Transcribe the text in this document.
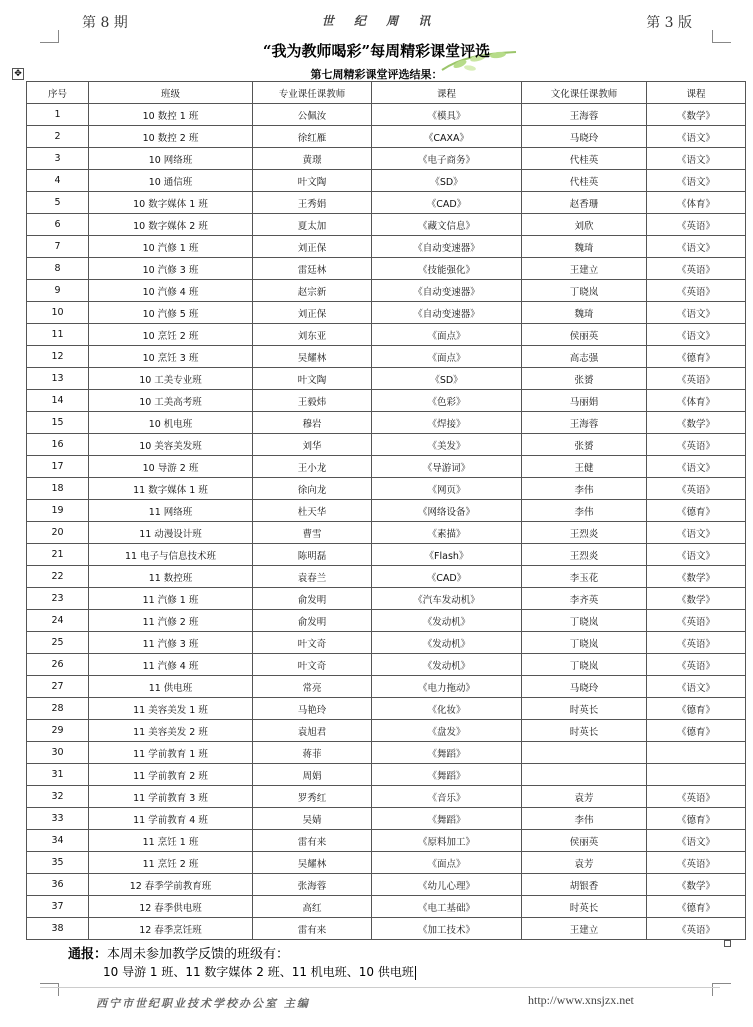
第 8 期	世 纪 周 讯	第 3 版
“我为教师喝彩”每周精彩课堂评选
第七周精彩课堂评选结果：
✥
序号	班级	专业课任课教师	课程	文化课任课教师	课程
1	10 数控 1 班	公佩汝	《模具》	王海蓉	《数学》
2	10 数控 2 班	徐红雁	《CAXA》	马晓玲	《语文》
3	10 网络班	黄璟	《电子商务》	代桂英	《语文》
4	10 通信班	叶文陶	《SD》	代桂英	《语文》
5	10 数字媒体 1 班	王秀娟	《CAD》	赵香珊	《体育》
6	10 数字媒体 2 班	夏太加	《藏文信息》	刘欣	《英语》
7	10 汽修 1 班	刘正保	《自动变速器》	魏琦	《语文》
8	10 汽修 3 班	雷廷林	《技能强化》	王建立	《英语》
9	10 汽修 4 班	赵宗新	《自动变速器》	丁晓岚	《英语》
10	10 汽修 5 班	刘正保	《自动变速器》	魏琦	《语文》
11	10 烹饪 2 班	刘东亚	《面点》	侯丽英	《语文》
12	10 烹饪 3 班	吴耀林	《面点》	高志强	《德育》
13	10 工美专业班	叶文陶	《SD》	张赟	《英语》
14	10 工美高考班	王毅炜	《色彩》	马丽娟	《体育》
15	10 机电班	穆岩	《焊接》	王海蓉	《数学》
16	10 美容美发班	刘华	《美发》	张赟	《英语》
17	10 导游 2 班	王小龙	《导游词》	王健	《语文》
18	11 数字媒体 1 班	徐向龙	《网页》	李伟	《英语》
19	11 网络班	杜天华	《网络设备》	李伟	《德育》
20	11 动漫设计班	曹雪	《素描》	王烈炎	《语文》
21	11 电子与信息技术班	陈明磊	《Flash》	王烈炎	《语文》
22	11 数控班	袁春兰	《CAD》	李玉花	《数学》
23	11 汽修 1 班	俞发明	《汽车发动机》	李齐英	《数学》
24	11 汽修 2 班	俞发明	《发动机》	丁晓岚	《英语》
25	11 汽修 3 班	叶文奇	《发动机》	丁晓岚	《英语》
26	11 汽修 4 班	叶文奇	《发动机》	丁晓岚	《英语》
27	11 供电班	常亮	《电力拖动》	马晓玲	《语文》
28	11 美容美发 1 班	马艳玲	《化妆》	时英长	《德育》
29	11 美容美发 2 班	袁旭君	《盘发》	时英长	《德育》
30	11 学前教育 1 班	蒋菲	《舞蹈》		
31	11 学前教育 2 班	周娟	《舞蹈》		
32	11 学前教育 3 班	罗秀红	《音乐》	袁芳	《英语》
33	11 学前教育 4 班	吴婧	《舞蹈》	李伟	《德育》
34	11 烹饪 1 班	雷有来	《原料加工》	侯丽英	《语文》
35	11 烹饪 2 班	吴耀林	《面点》	袁芳	《英语》
36	12 春季学前教育班	张海蓉	《幼儿心理》	胡银香	《数学》
37	12 春季供电班	高红	《电工基础》	时英长	《德育》
38	12 春季烹饪班	雷有来	《加工技术》	王建立	《英语》
通报：本周未参加教学反馈的班级有：
10 导游 1 班、11 数字媒体 2 班、11 机电班、10 供电班
西宁市世纪职业技术学校办公室 主编	http://www.xnsjzx.net
